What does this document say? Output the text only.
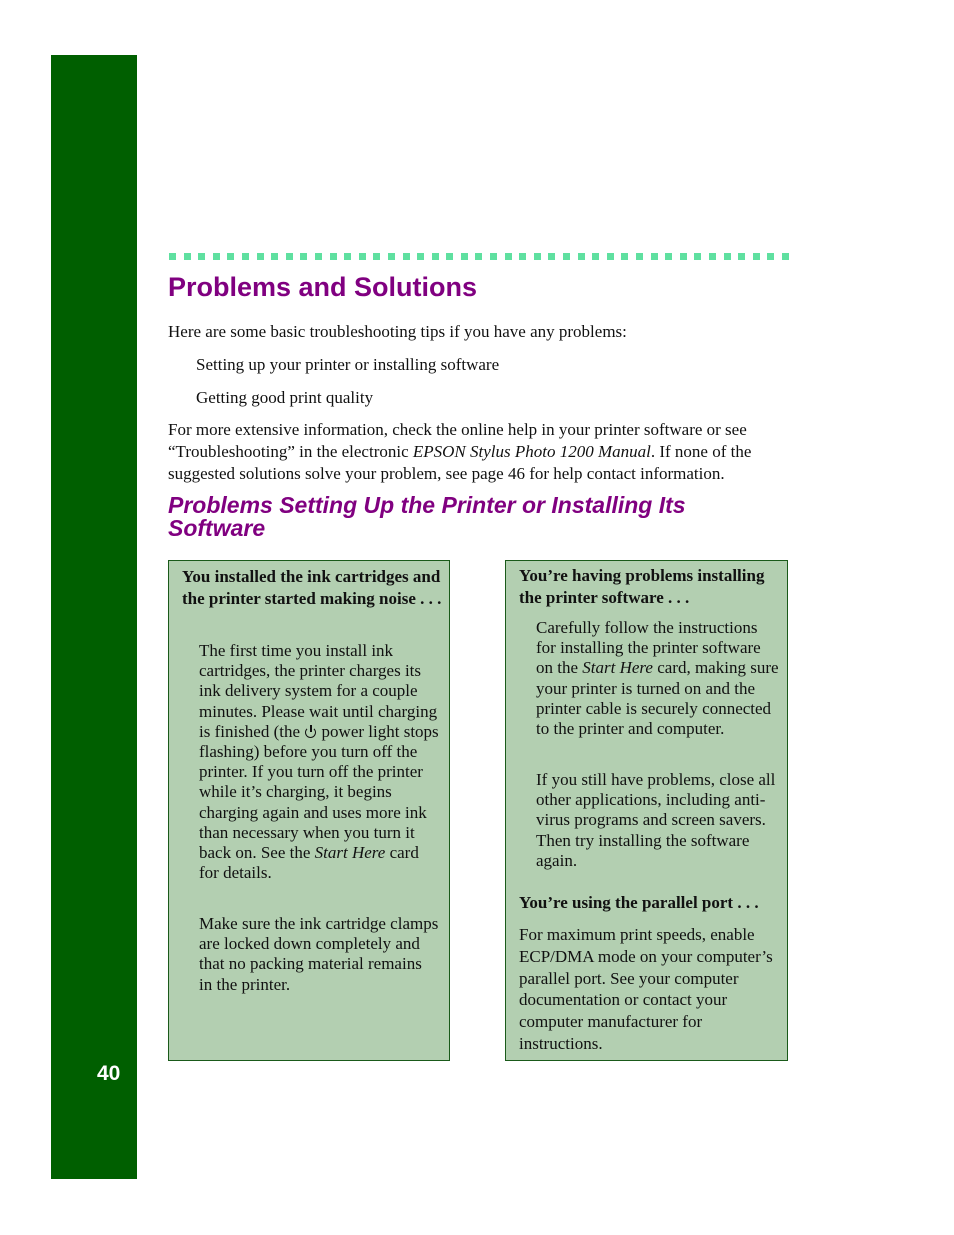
40
Problems and Solutions

Here are some basic troubleshooting tips if you have any problems:

Setting up your printer or installing software

Getting good print quality

For more extensive information, check the online help in your printer software or see “Troubleshooting” in the electronic EPSON Stylus Photo 1200 Manual. If none of the suggested solutions solve your problem, see page 46 for help contact information.

Problems Setting Up the Printer or Installing Its Software
You installed the ink cartridges and the printer started making noise . . .
The first time you install ink cartridges, the printer charges its ink delivery system for a couple minutes. Please wait until charging is finished (the power light stops flashing) before you turn off the printer. If you turn off the printer while it’s charging, it begins charging again and uses more ink than necessary when you turn it back on. See the Start Here card for details.
Make sure the ink cartridge clamps are locked down completely and that no packing material remains in the printer.
You’re having problems installing the printer software . . .
Carefully follow the instructions for installing the printer software on the Start Here card, making sure your printer is turned on and the printer cable is securely connected to the printer and computer.
If you still have problems, close all other applications, including anti-virus programs and screen savers. Then try installing the software again.
You’re using the parallel port . . .
For maximum print speeds, enable ECP/DMA mode on your computer’s parallel port. See your computer documentation or contact your computer manufacturer for instructions.
